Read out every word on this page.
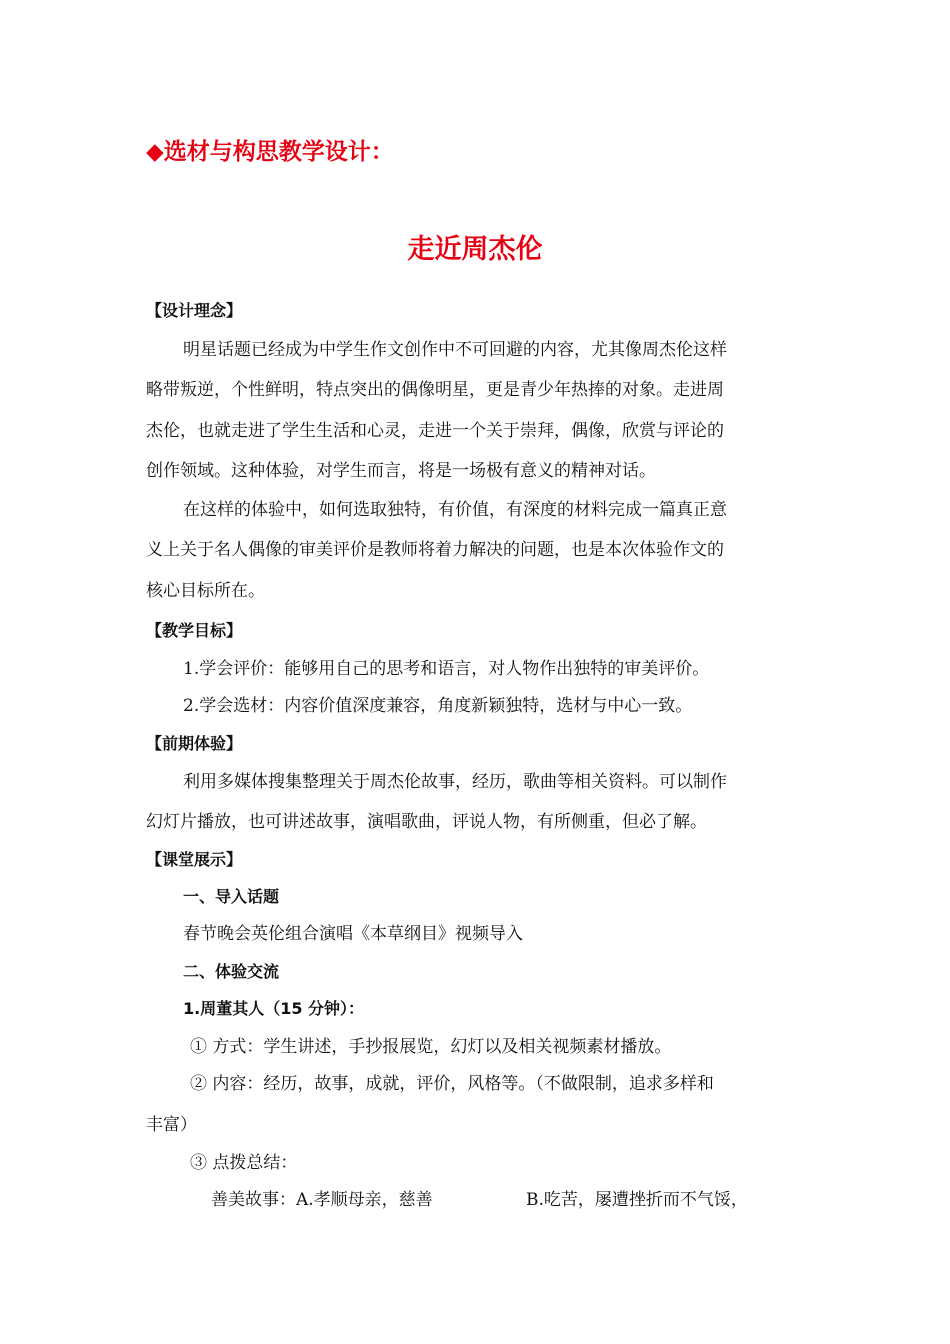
◆选材与构思教学设计：
走近周杰伦
【设计理念】
明星话题已经成为中学生作文创作中不可回避的内容，尤其像周杰伦这样
略带叛逆，个性鲜明，特点突出的偶像明星，更是青少年热捧的对象。走进周
杰伦，也就走进了学生生活和心灵，走进一个关于崇拜，偶像，欣赏与评论的
创作领域。这种体验，对学生而言，将是一场极有意义的精神对话。
在这样的体验中，如何选取独特，有价值，有深度的材料完成一篇真正意
义上关于名人偶像的审美评价是教师将着力解决的问题，也是本次体验作文的
核心目标所在。
【教学目标】
1.学会评价：能够用自己的思考和语言，对人物作出独特的审美评价。
2.学会选材：内容价值深度兼容，角度新颖独特，选材与中心一致。
【前期体验】
利用多媒体搜集整理关于周杰伦故事，经历，歌曲等相关资料。可以制作
幻灯片播放，也可讲述故事，演唱歌曲，评说人物，有所侧重，但必了解。
【课堂展示】
一、导入话题
春节晚会英伦组合演唱《本草纲目》视频导入
二、体验交流
1.周董其人（15 分钟）：
① 方式：学生讲述，手抄报展览，幻灯以及相关视频素材播放。
② 内容：经历，故事，成就，评价，风格等。（不做限制，追求多样和
丰富）
③ 点拨总结：
善美故事：A.孝顺母亲，慈善	B.吃苦，屡遭挫折而不气馁，
